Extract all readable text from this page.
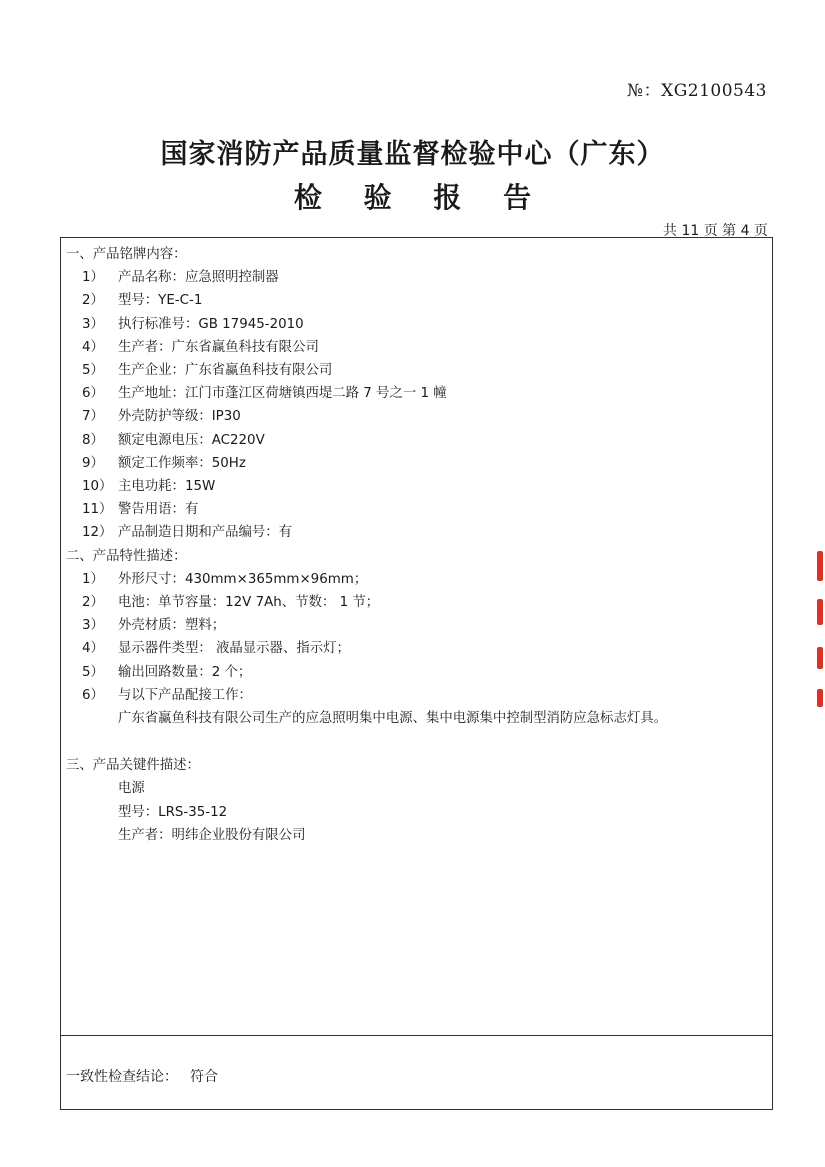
№：XG2100543
国家消防产品质量监督检验中心（广东）
检 验 报 告
共 11 页 第 4 页
一、产品铭牌内容：
1） 产品名称：应急照明控制器
2） 型号：YE-C-1
3） 执行标准号：GB 17945-2010
4） 生产者：广东省赢鱼科技有限公司
5） 生产企业：广东省赢鱼科技有限公司
6） 生产地址：江门市蓬江区荷塘镇西堤二路 7 号之一 1 幢
7） 外壳防护等级：IP30
8） 额定电源电压：AC220V
9） 额定工作频率：50Hz
10） 主电功耗：15W
11） 警告用语：有
12） 产品制造日期和产品编号：有
二、产品特性描述：
1） 外形尺寸：430mm×365mm×96mm；
2） 电池：单节容量：12V 7Ah、节数： 1 节；
3） 外壳材质：塑料；
4） 显示器件类型： 液晶显示器、指示灯；
5） 输出回路数量：2 个；
6） 与以下产品配接工作：
广东省赢鱼科技有限公司生产的应急照明集中电源、集中电源集中控制型消防应急标志灯具。
三、产品关键件描述：
电源
型号：LRS-35-12
生产者：明纬企业股份有限公司
一致性检查结论： 符合
